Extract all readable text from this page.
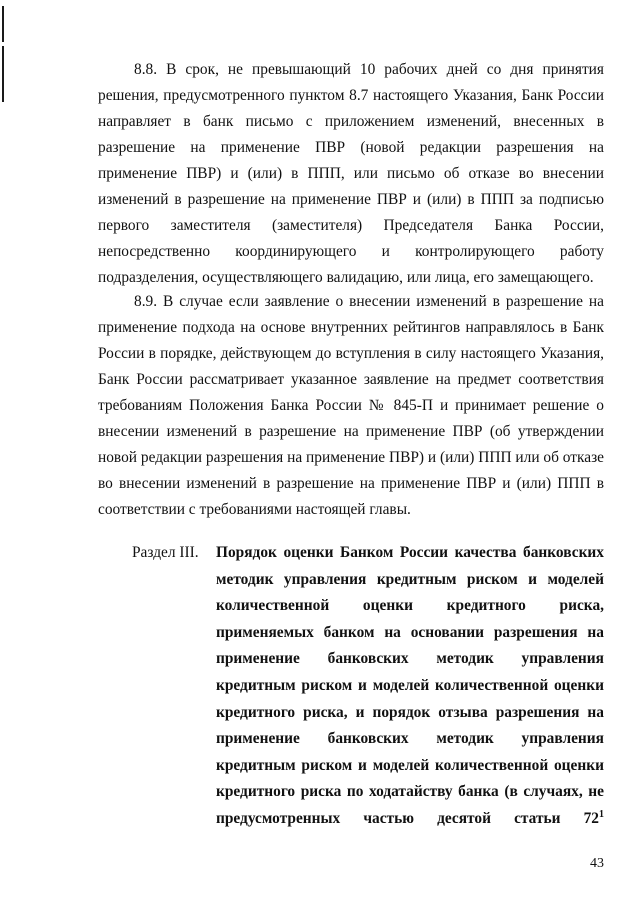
8.8. В срок, не превышающий 10 рабочих дней со дня принятия решения, предусмотренного пунктом 8.7 настоящего Указания, Банк России направляет в банк письмо с приложением изменений, внесенных в разрешение на применение ПВР (новой редакции разрешения на применение ПВР) и (или) в ППП, или письмо об отказе во внесении изменений в разрешение на применение ПВР и (или) в ППП за подписью первого заместителя (заместителя) Председателя Банка России, непосредственно координирующего и контролирующего работу подразделения, осуществляющего валидацию, или лица, его замещающего.

8.9. В случае если заявление о внесении изменений в разрешение на применение подхода на основе внутренних рейтингов направлялось в Банк России в порядке, действующем до вступления в силу настоящего Указания, Банк России рассматривает указанное заявление на предмет соответствия требованиям Положения Банка России № 845-П и принимает решение о внесении изменений в разрешение на применение ПВР (об утверждении новой редакции разрешения на применение ПВР) и (или) ППП или об отказе во внесении изменений в разрешение на применение ПВР и (или) ППП в соответствии с требованиями настоящей главы.

Раздел III. Порядок оценки Банком России качества банковских методик управления кредитным риском и моделей количественной оценки кредитного риска, применяемых банком на основании разрешения на применение банковских методик управления кредитным риском и моделей количественной оценки кредитного риска, и порядок отзыва разрешения на применение банковских методик управления кредитным риском и моделей количественной оценки кредитного риска по ходатайству банка (в случаях, не предусмотренных частью десятой статьи $72^1$

43
